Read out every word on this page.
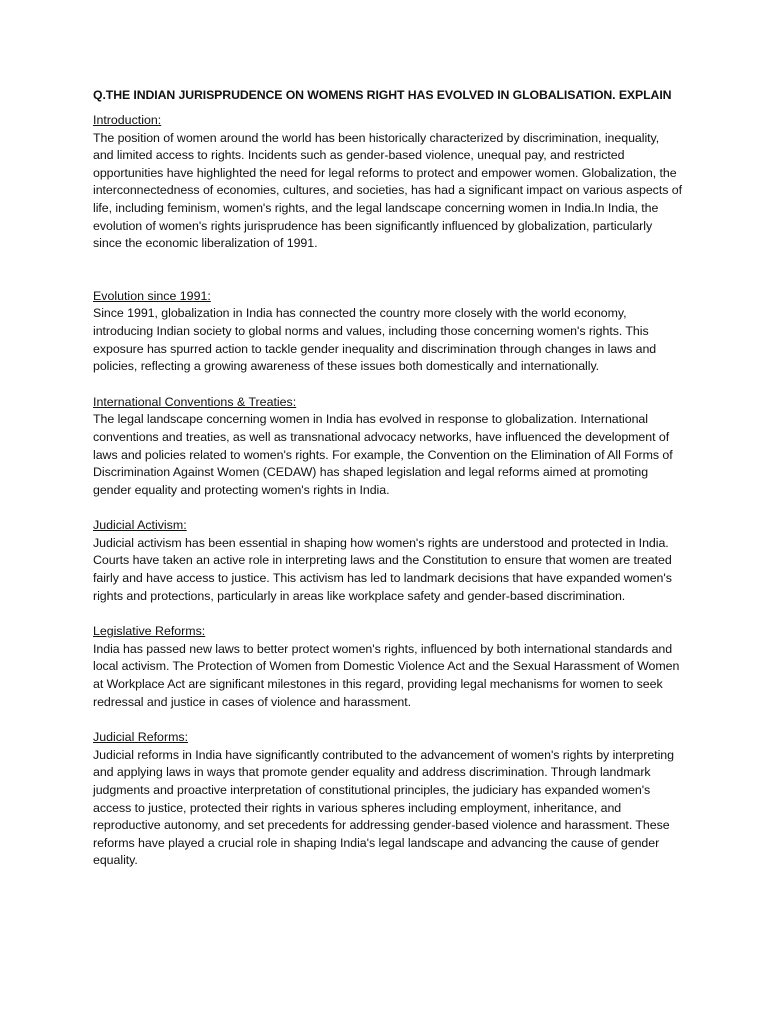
Q.THE INDIAN JURISPRUDENCE ON WOMENS RIGHT HAS EVOLVED IN GLOBALISATION. EXPLAIN

Introduction:

The position of women around the world has been historically characterized by discrimination, inequality, and limited access to rights. Incidents such as gender-based violence, unequal pay, and restricted opportunities have highlighted the need for legal reforms to protect and empower women. Globalization, the interconnectedness of economies, cultures, and societies, has had a significant impact on various aspects of life, including feminism, women's rights, and the legal landscape concerning women in India.In India, the evolution of women's rights jurisprudence has been significantly influenced by globalization, particularly since the economic liberalization of 1991.

Evolution since 1991:

Since 1991, globalization in India has connected the country more closely with the world economy, introducing Indian society to global norms and values, including those concerning women's rights. This exposure has spurred action to tackle gender inequality and discrimination through changes in laws and policies, reflecting a growing awareness of these issues both domestically and internationally.

International Conventions & Treaties:

The legal landscape concerning women in India has evolved in response to globalization. International conventions and treaties, as well as transnational advocacy networks, have influenced the development of laws and policies related to women's rights. For example, the Convention on the Elimination of All Forms of Discrimination Against Women (CEDAW) has shaped legislation and legal reforms aimed at promoting gender equality and protecting women's rights in India.

Judicial Activism:

Judicial activism has been essential in shaping how women's rights are understood and protected in India. Courts have taken an active role in interpreting laws and the Constitution to ensure that women are treated fairly and have access to justice. This activism has led to landmark decisions that have expanded women's rights and protections, particularly in areas like workplace safety and gender-based discrimination.

Legislative Reforms:

India has passed new laws to better protect women's rights, influenced by both international standards and local activism. The Protection of Women from Domestic Violence Act and the Sexual Harassment of Women at Workplace Act are significant milestones in this regard, providing legal mechanisms for women to seek redressal and justice in cases of violence and harassment.

Judicial Reforms:

Judicial reforms in India have significantly contributed to the advancement of women's rights by interpreting and applying laws in ways that promote gender equality and address discrimination. Through landmark judgments and proactive interpretation of constitutional principles, the judiciary has expanded women's access to justice, protected their rights in various spheres including employment, inheritance, and reproductive autonomy, and set precedents for addressing gender-based violence and harassment. These reforms have played a crucial role in shaping India's legal landscape and advancing the cause of gender equality.
